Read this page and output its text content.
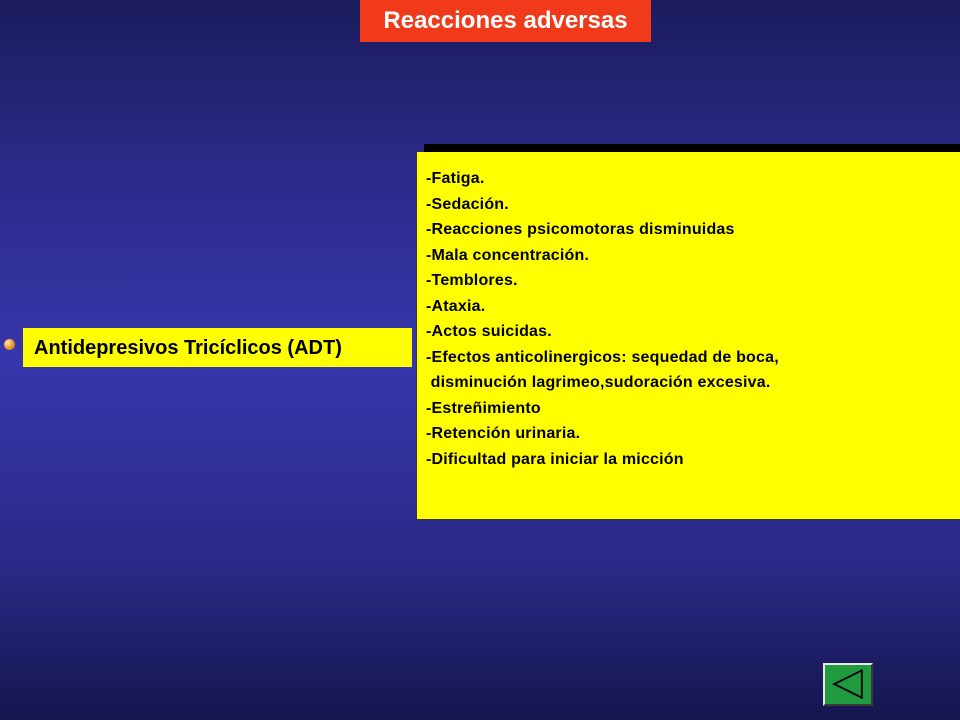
Reacciones adversas
Antidepresivos Tricíclicos (ADT)
-Fatiga.
-Sedación.
-Reacciones psicomotoras disminuidas
-Mala concentración.
-Temblores.
-Ataxia.
-Actos suicidas.
-Efectos anticolinergicos: sequedad de boca,
disminución lagrimeo,sudoración excesiva.
-Estreñimiento
-Retención urinaria.
-Dificultad para iniciar la micción
